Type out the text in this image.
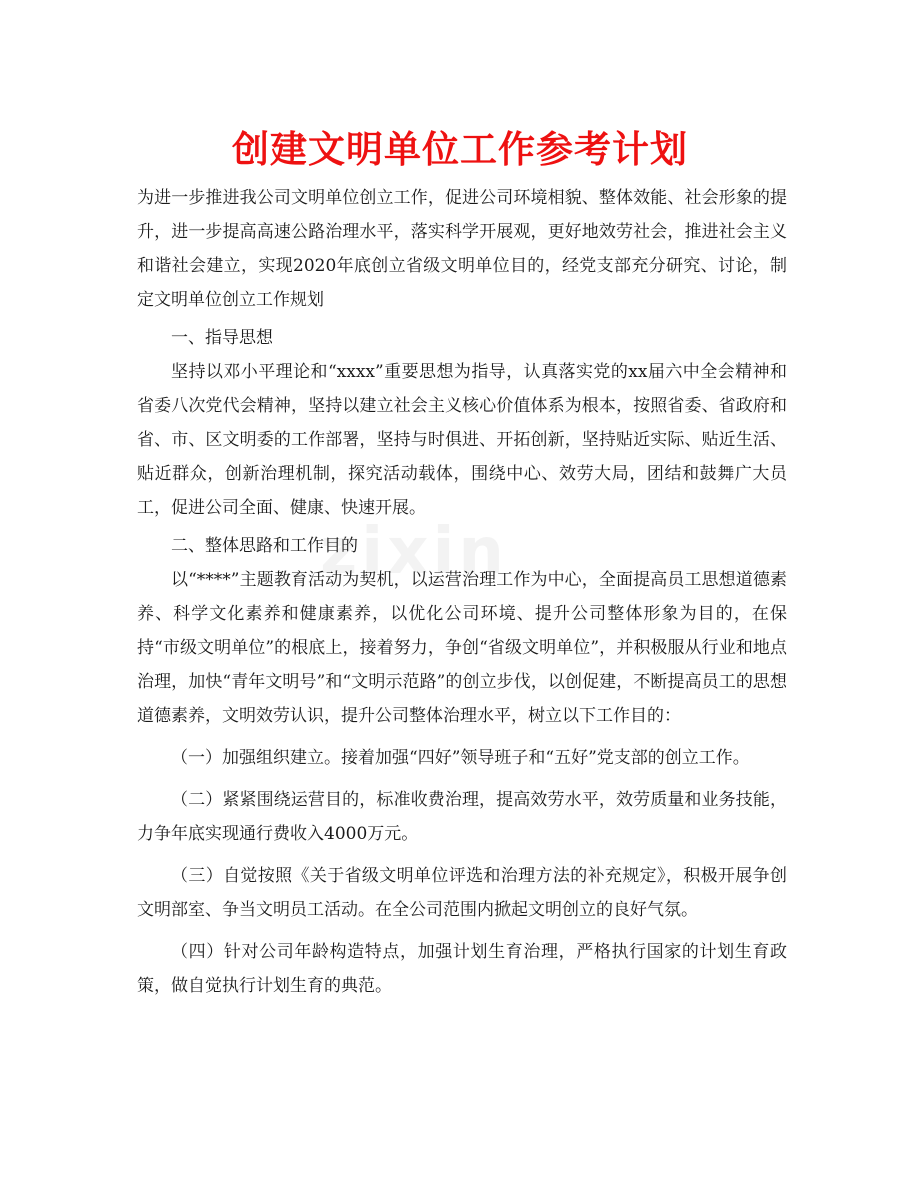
创建文明单位工作参考计划
zixin

为进一步推进我公司文明单位创立工作，促进公司环境相貌、整体效能、社会形象的提升，进一步提高高速公路治理水平，落实科学开展观，更好地效劳社会，推进社会主义和谐社会建立，实现2020年底创立省级文明单位目的，经党支部充分研究、讨论，制定文明单位创立工作规划

一、指导思想

坚持以邓小平理论和“xxxx”重要思想为指导，认真落实党的xx届六中全会精神和省委八次党代会精神，坚持以建立社会主义核心价值体系为根本，按照省委、省政府和省、市、区文明委的工作部署，坚持与时俱进、开拓创新，坚持贴近实际、贴近生活、贴近群众，创新治理机制，探究活动载体，围绕中心、效劳大局，团结和鼓舞广大员工，促进公司全面、健康、快速开展。

二、整体思路和工作目的

以“****”主题教育活动为契机，以运营治理工作为中心，全面提高员工思想道德素养、科学文化素养和健康素养，以优化公司环境、提升公司整体形象为目的，在保持“市级文明单位”的根底上，接着努力，争创“省级文明单位”，并积极服从行业和地点治理，加快“青年文明号”和“文明示范路”的创立步伐，以创促建，不断提高员工的思想道德素养，文明效劳认识，提升公司整体治理水平，树立以下工作目的：

（一）加强组织建立。接着加强“四好”领导班子和“五好”党支部的创立工作。

（二）紧紧围绕运营目的，标准收费治理，提高效劳水平，效劳质量和业务技能，力争年底实现通行费收入4000万元。

（三）自觉按照《关于省级文明单位评选和治理方法的补充规定》，积极开展争创文明部室、争当文明员工活动。在全公司范围内掀起文明创立的良好气氛。

（四）针对公司年龄构造特点，加强计划生育治理，严格执行国家的计划生育政策，做自觉执行计划生育的典范。
